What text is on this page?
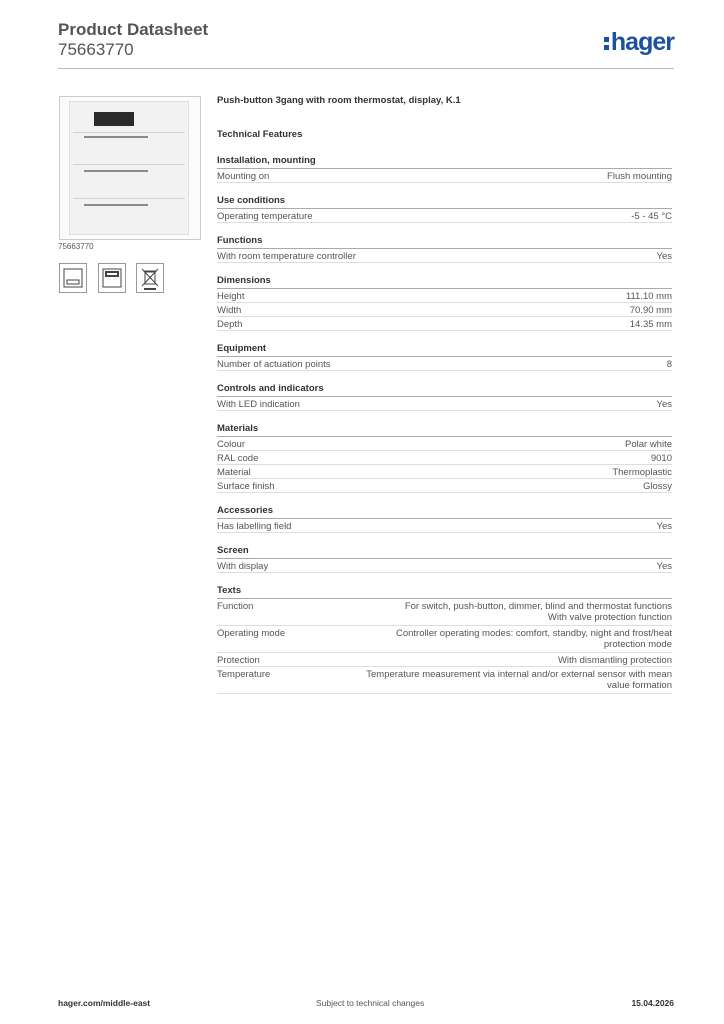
Product Datasheet
75663770	hager
75663770
Push-button 3gang with room thermostat, display, K.1
Technical Features
Installation, mounting
Mounting on	Flush mounting
Use conditions
Operating temperature	-5 - 45 °C
Functions
With room temperature controller	Yes
Dimensions
Height	111.10 mm
Width	70.90 mm
Depth	14.35 mm
Equipment
Number of actuation points	8
Controls and indicators
With LED indication	Yes
Materials
Colour	Polar white
RAL code	9010
Material	Thermoplastic
Surface finish	Glossy
Accessories
Has labelling field	Yes
Screen
With display	Yes
Texts
Function	For switch, push-button, dimmer, blind and thermostat functions
With valve protection function
Operating mode	Controller operating modes: comfort, standby, night and frost/heat
protection mode
Protection	With dismantling protection
Temperature	Temperature measurement via internal and/or external sensor with mean
value formation
hager.com/middle-east	Subject to technical changes	15.04.2026
